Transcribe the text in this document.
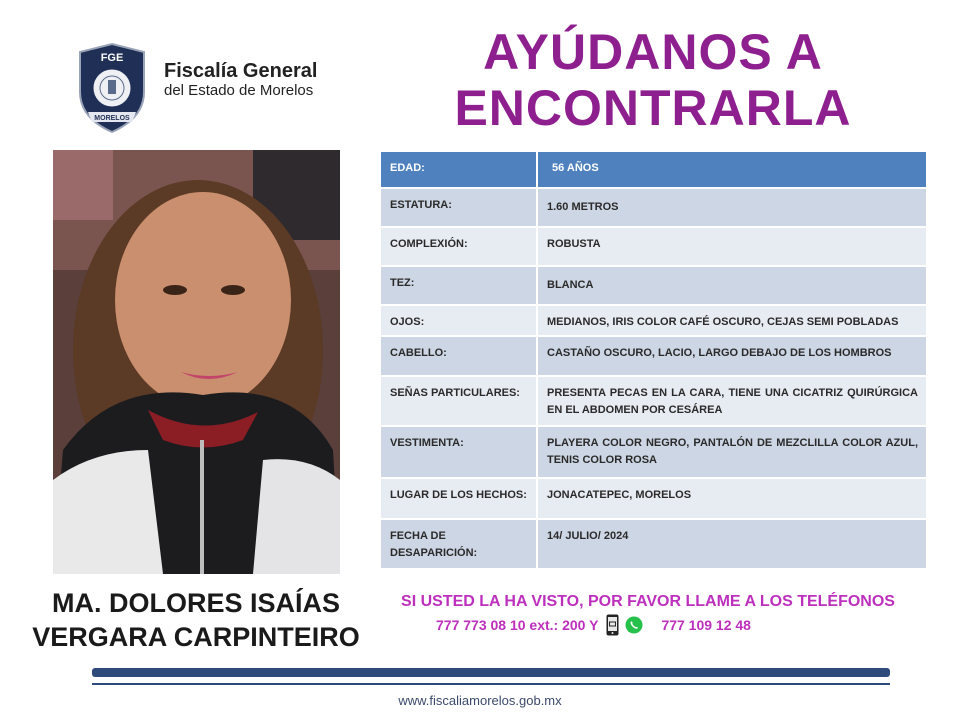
FGE
MORELOS
Fiscalía General
del Estado de Morelos
AYÚDANOS A
ENCONTRARLA
MA. DOLORES ISAÍAS
VERGARA CARPINTEIRO
EDAD:	56 AÑOS
ESTATURA:	1.60 METROS
COMPLEXIÓN:	ROBUSTA
TEZ:	BLANCA
OJOS:	MEDIANOS, IRIS COLOR CAFÉ OSCURO, CEJAS SEMI POBLADAS
CABELLO:	CASTAÑO OSCURO, LACIO, LARGO DEBAJO DE LOS HOMBROS
SEÑAS PARTICULARES:	PRESENTA PECAS EN LA CARA, TIENE UNA CICATRIZ QUIRÚRGICA EN EL ABDOMEN POR CESÁREA
VESTIMENTA:	PLAYERA COLOR NEGRO, PANTALÓN DE MEZCLILLA COLOR AZUL, TENIS COLOR ROSA
LUGAR DE LOS HECHOS:	JONACATEPEC, MORELOS
FECHA DE DESAPARICIÓN:
14/ JULIO/ 2024
SI USTED LA HA VISTO, POR FAVOR LLAME A LOS TELÉFONOS
777 773 08 10 ext.: 200 Y	777 109 12 48
www.fiscaliamorelos.gob.mx
